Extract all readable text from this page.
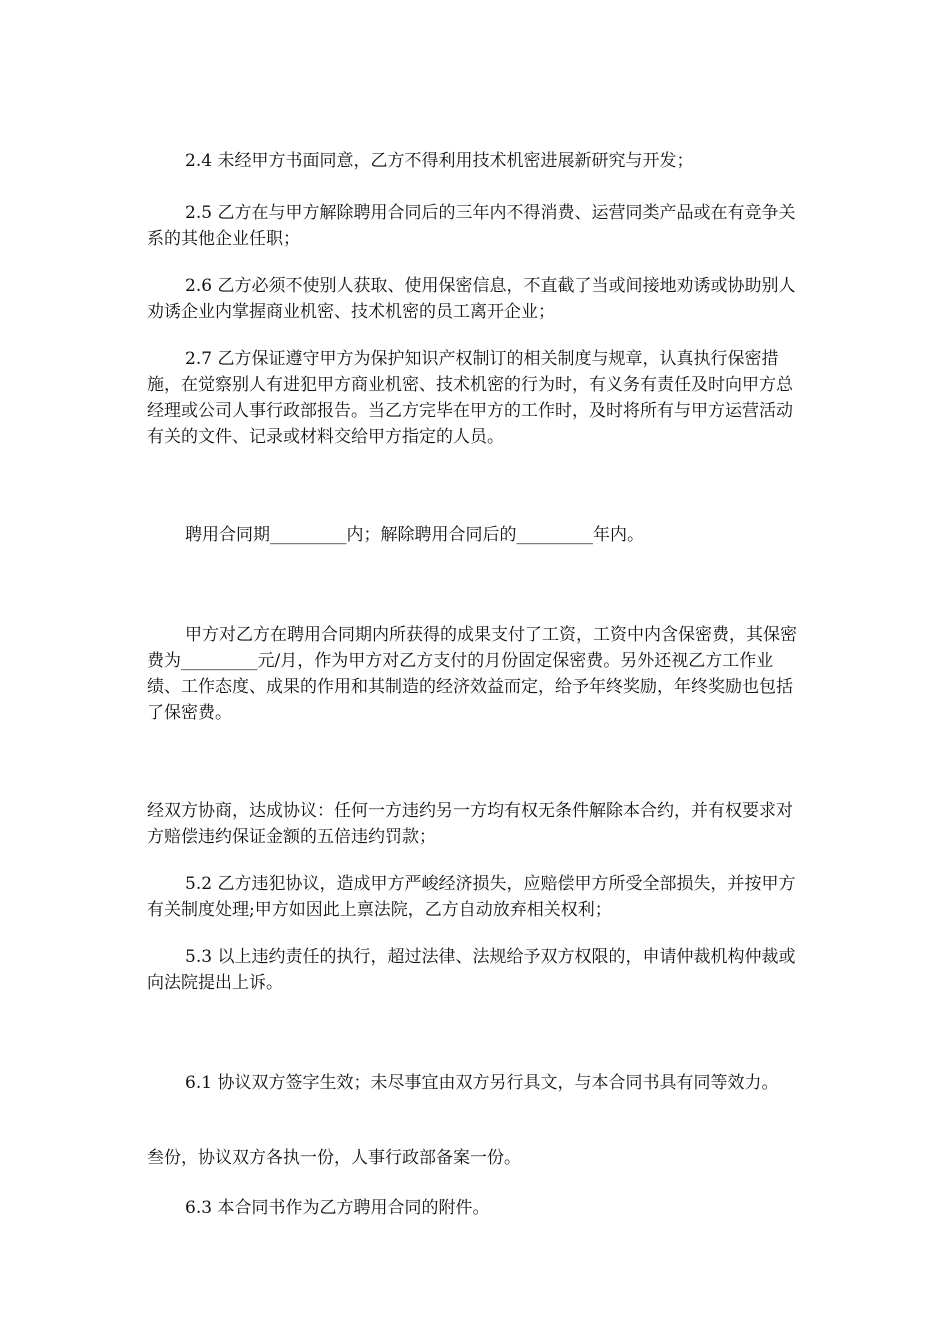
2.4 未经甲方书面同意，乙方不得利用技术机密进展新研究与开发；

2.5 乙方在与甲方解除聘用合同后的三年内不得消费、运营同类产品或在有竞争关系的其他企业任职；

2.6 乙方必须不使别人获取、使用保密信息，不直截了当或间接地劝诱或协助别人劝诱企业内掌握商业机密、技术机密的员工离开企业；

2.7 乙方保证遵守甲方为保护知识产权制订的相关制度与规章，认真执行保密措施，在觉察别人有进犯甲方商业机密、技术机密的行为时，有义务有责任及时向甲方总经理或公司人事行政部报告。当乙方完毕在甲方的工作时，及时将所有与甲方运营活动有关的文件、记录或材料交给甲方指定的人员。

聘用合同期_________内；解除聘用合同后的_________年内。

甲方对乙方在聘用合同期内所获得的成果支付了工资，工资中内含保密费，其保密费为_________元/月，作为甲方对乙方支付的月份固定保密费。另外还视乙方工作业绩、工作态度、成果的作用和其制造的经济效益而定，给予年终奖励，年终奖励也包括了保密费。

经双方协商，达成协议：任何一方违约另一方均有权无条件解除本合约，并有权要求对方赔偿违约保证金额的五倍违约罚款；

5.2 乙方违犯协议，造成甲方严峻经济损失，应赔偿甲方所受全部损失，并按甲方有关制度处理;甲方如因此上禀法院，乙方自动放弃相关权利；

5.3 以上违约责任的执行，超过法律、法规给予双方权限的，申请仲裁机构仲裁或向法院提出上诉。

6.1 协议双方签字生效；未尽事宜由双方另行具文，与本合同书具有同等效力。

叁份，协议双方各执一份，人事行政部备案一份。

6.3 本合同书作为乙方聘用合同的附件。
